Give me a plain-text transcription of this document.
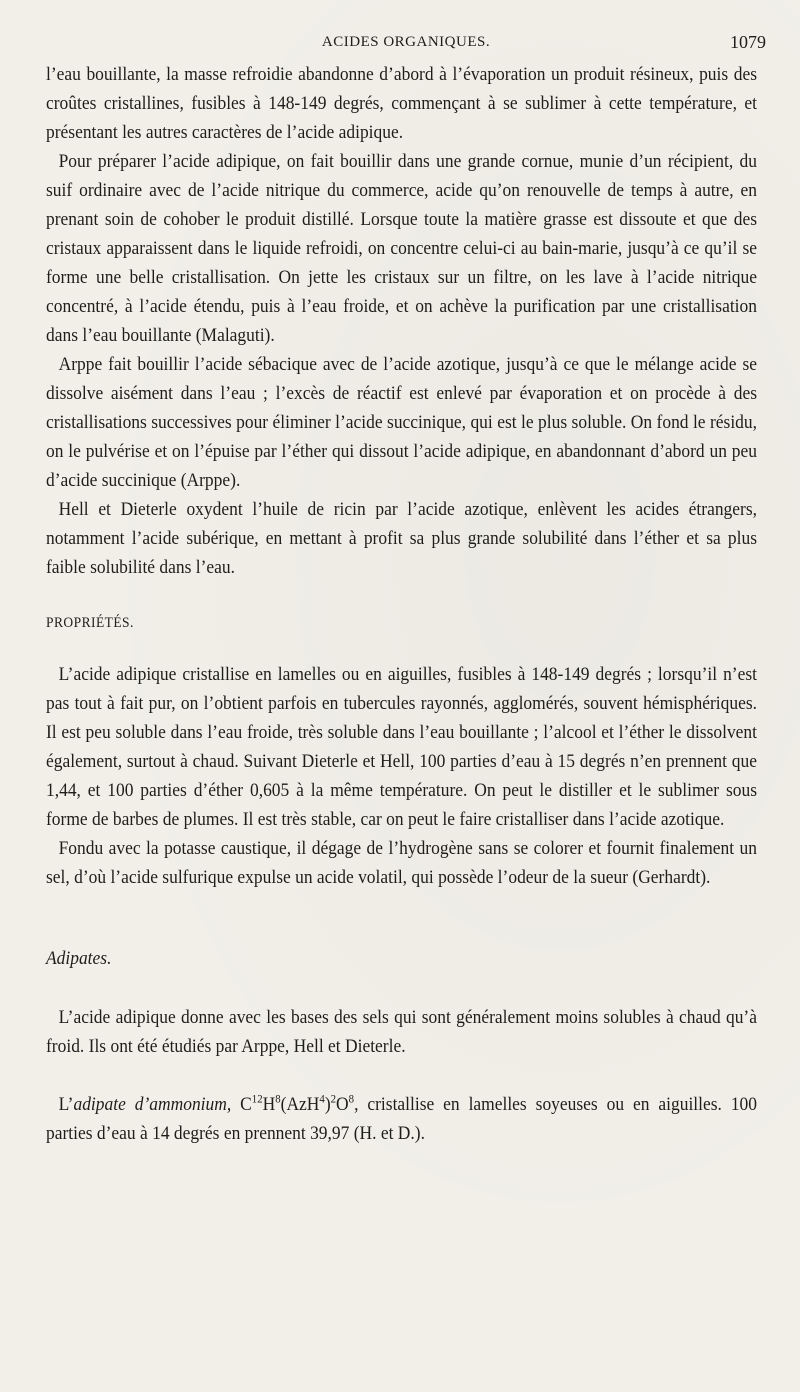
ACIDES ORGANIQUES.	1079

l’eau bouillante, la masse refroidie abandonne d’abord à l’évaporation un produit résineux, puis des croûtes cristallines, fusibles à 148-149 degrés, commençant à se sublimer à cette température, et présentant les autres caractères de l’acide adipique.

Pour préparer l’acide adipique, on fait bouillir dans une grande cornue, munie d’un récipient, du suif ordinaire avec de l’acide nitrique du commerce, acide qu’on renouvelle de temps à autre, en prenant soin de cohober le produit distillé. Lorsque toute la matière grasse est dissoute et que des cristaux apparaissent dans le liquide refroidi, on concentre celui-ci au bain-marie, jusqu’à ce qu’il se forme une belle cristallisation. On jette les cristaux sur un filtre, on les lave à l’acide nitrique concentré, à l’acide étendu, puis à l’eau froide, et on achève la purification par une cristallisation dans l’eau bouillante (Malaguti).

Arppe fait bouillir l’acide sébacique avec de l’acide azotique, jusqu’à ce que le mélange acide se dissolve aisément dans l’eau ; l’excès de réactif est enlevé par évaporation et on procède à des cristallisations successives pour éliminer l’acide succinique, qui est le plus soluble. On fond le résidu, on le pulvérise et on l’épuise par l’éther qui dissout l’acide adipique, en abandonnant d’abord un peu d’acide succinique (Arppe).

Hell et Dieterle oxydent l’huile de ricin par l’acide azotique, enlèvent les acides étrangers, notamment l’acide subérique, en mettant à profit sa plus grande solubilité dans l’éther et sa plus faible solubilité dans l’eau.

PROPRIÉTÉS.

L’acide adipique cristallise en lamelles ou en aiguilles, fusibles à 148-149 degrés ; lorsqu’il n’est pas tout à fait pur, on l’obtient parfois en tubercules rayonnés, agglomérés, souvent hémisphériques. Il est peu soluble dans l’eau froide, très soluble dans l’eau bouillante ; l’alcool et l’éther le dissolvent également, surtout à chaud. Suivant Dieterle et Hell, 100 parties d’eau à 15 degrés n’en prennent que 1,44, et 100 parties d’éther 0,605 à la même température. On peut le distiller et le sublimer sous forme de barbes de plumes. Il est très stable, car on peut le faire cristalliser dans l’acide azotique.

Fondu avec la potasse caustique, il dégage de l’hydrogène sans se colorer et fournit finalement un sel, d’où l’acide sulfurique expulse un acide volatil, qui possède l’odeur de la sueur (Gerhardt).

Adipates.

L’acide adipique donne avec les bases des sels qui sont généralement moins solubles à chaud qu’à froid. Ils ont été étudiés par Arppe, Hell et Dieterle.

L’adipate d’ammonium, $C^{12}H^8(AzH^4)^2O^8$, cristallise en lamelles soyeuses ou en aiguilles. 100 parties d’eau à 14 degrés en prennent 39,97 (H. et D.).
